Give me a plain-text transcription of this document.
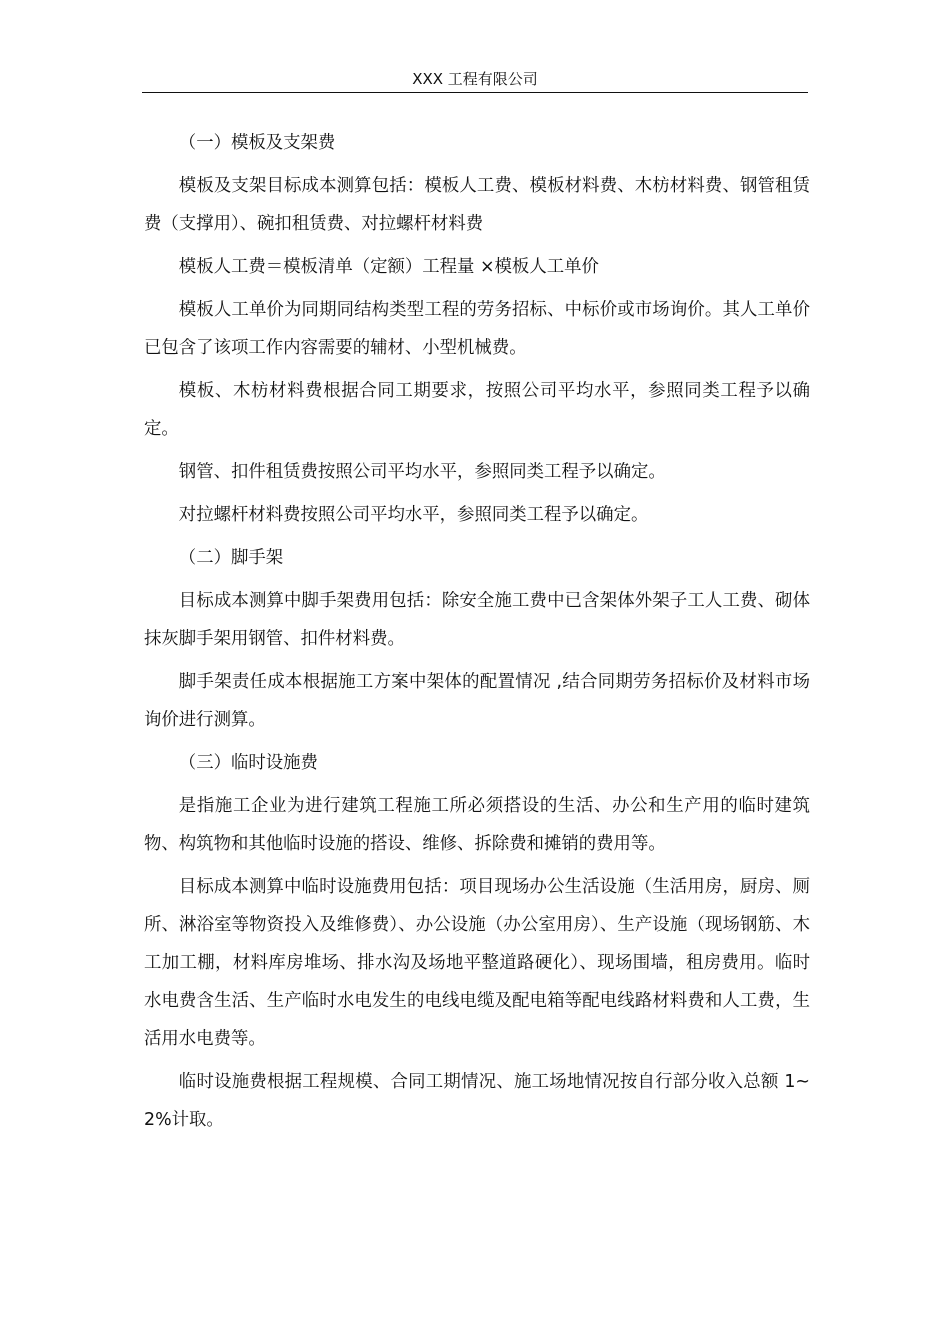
XXX 工程有限公司

（一）模板及支架费

模板及支架目标成本测算包括：模板人工费、模板材料费、木枋材料费、钢管租赁费（支撑用）、碗扣租赁费、对拉螺杆材料费

模板人工费＝模板清单（定额）工程量 ×模板人工单价

模板人工单价为同期同结构类型工程的劳务招标、中标价或市场询价。其人工单价已包含了该项工作内容需要的辅材、小型机械费。

模板、木枋材料费根据合同工期要求，按照公司平均水平，参照同类工程予以确定。

钢管、扣件租赁费按照公司平均水平，参照同类工程予以确定。

对拉螺杆材料费按照公司平均水平，参照同类工程予以确定。

（二）脚手架

目标成本测算中脚手架费用包括：除安全施工费中已含架体外架子工人工费、砌体抹灰脚手架用钢管、扣件材料费。

脚手架责任成本根据施工方案中架体的配置情况 ,结合同期劳务招标价及材料市场询价进行测算。

（三）临时设施费

是指施工企业为进行建筑工程施工所必须搭设的生活、办公和生产用的临时建筑物、构筑物和其他临时设施的搭设、维修、拆除费和摊销的费用等。

目标成本测算中临时设施费用包括：项目现场办公生活设施（生活用房，厨房、厕所、淋浴室等物资投入及维修费）、办公设施（办公室用房）、生产设施（现场钢筋、木工加工棚，材料库房堆场、排水沟及场地平整道路硬化）、现场围墙，租房费用。临时水电费含生活、生产临时水电发生的电线电缆及配电箱等配电线路材料费和人工费，生活用水电费等。

临时设施费根据工程规模、合同工期情况、施工场地情况按自行部分收入总额 1~2%计取。
